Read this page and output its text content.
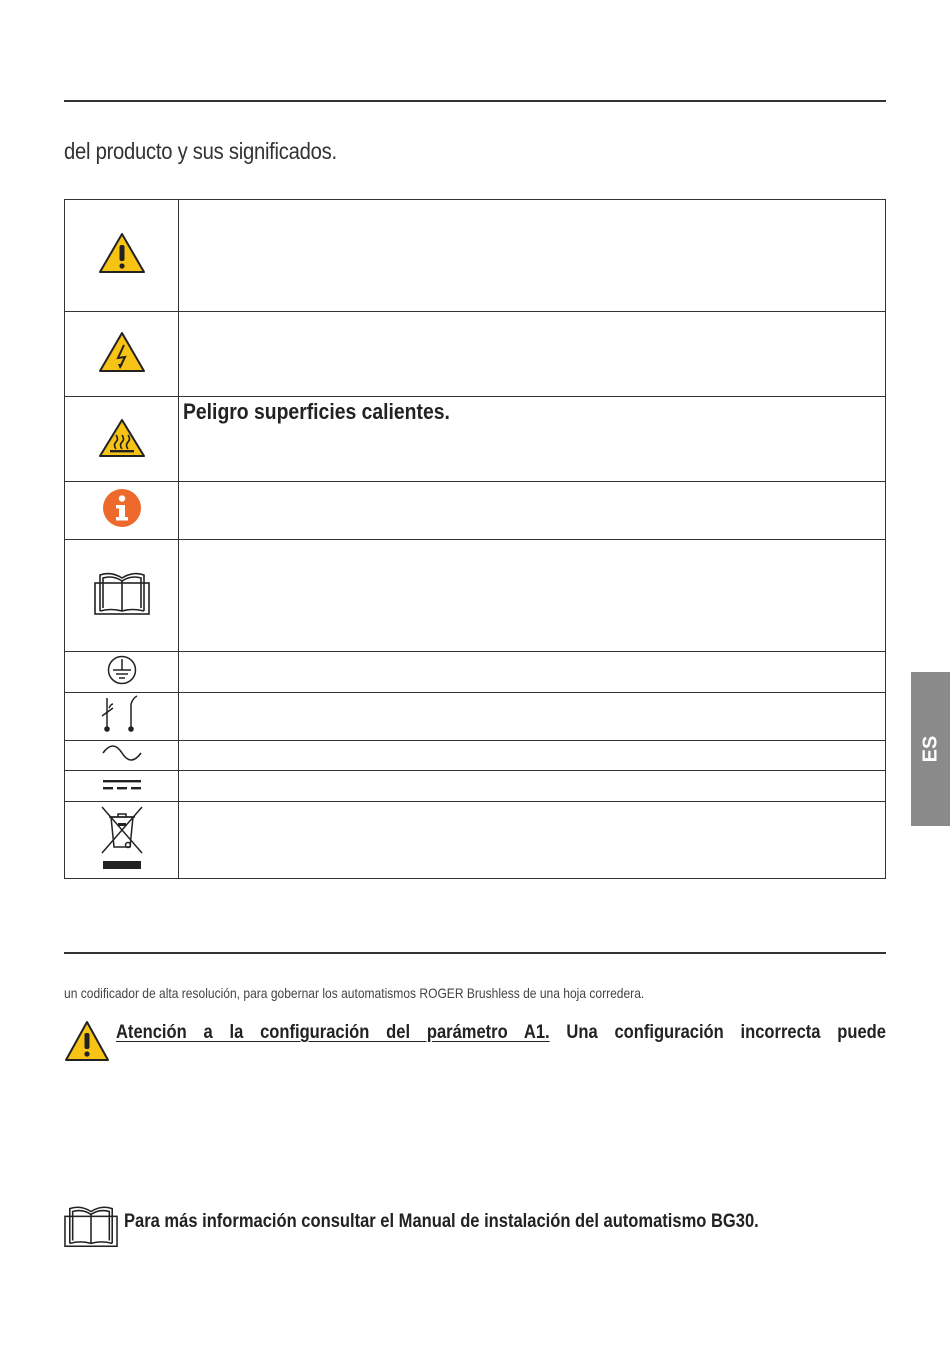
del producto y sus significados.

	Peligro superficies calientes.

ES
un codificador de alta resolución, para gobernar los automatismos ROGER Brushless de una hoja corredera.
Atención a la configuración del parámetro A1. Una configuración incorrecta puede
Para más información consultar el Manual de instalación del automatismo BG30.
